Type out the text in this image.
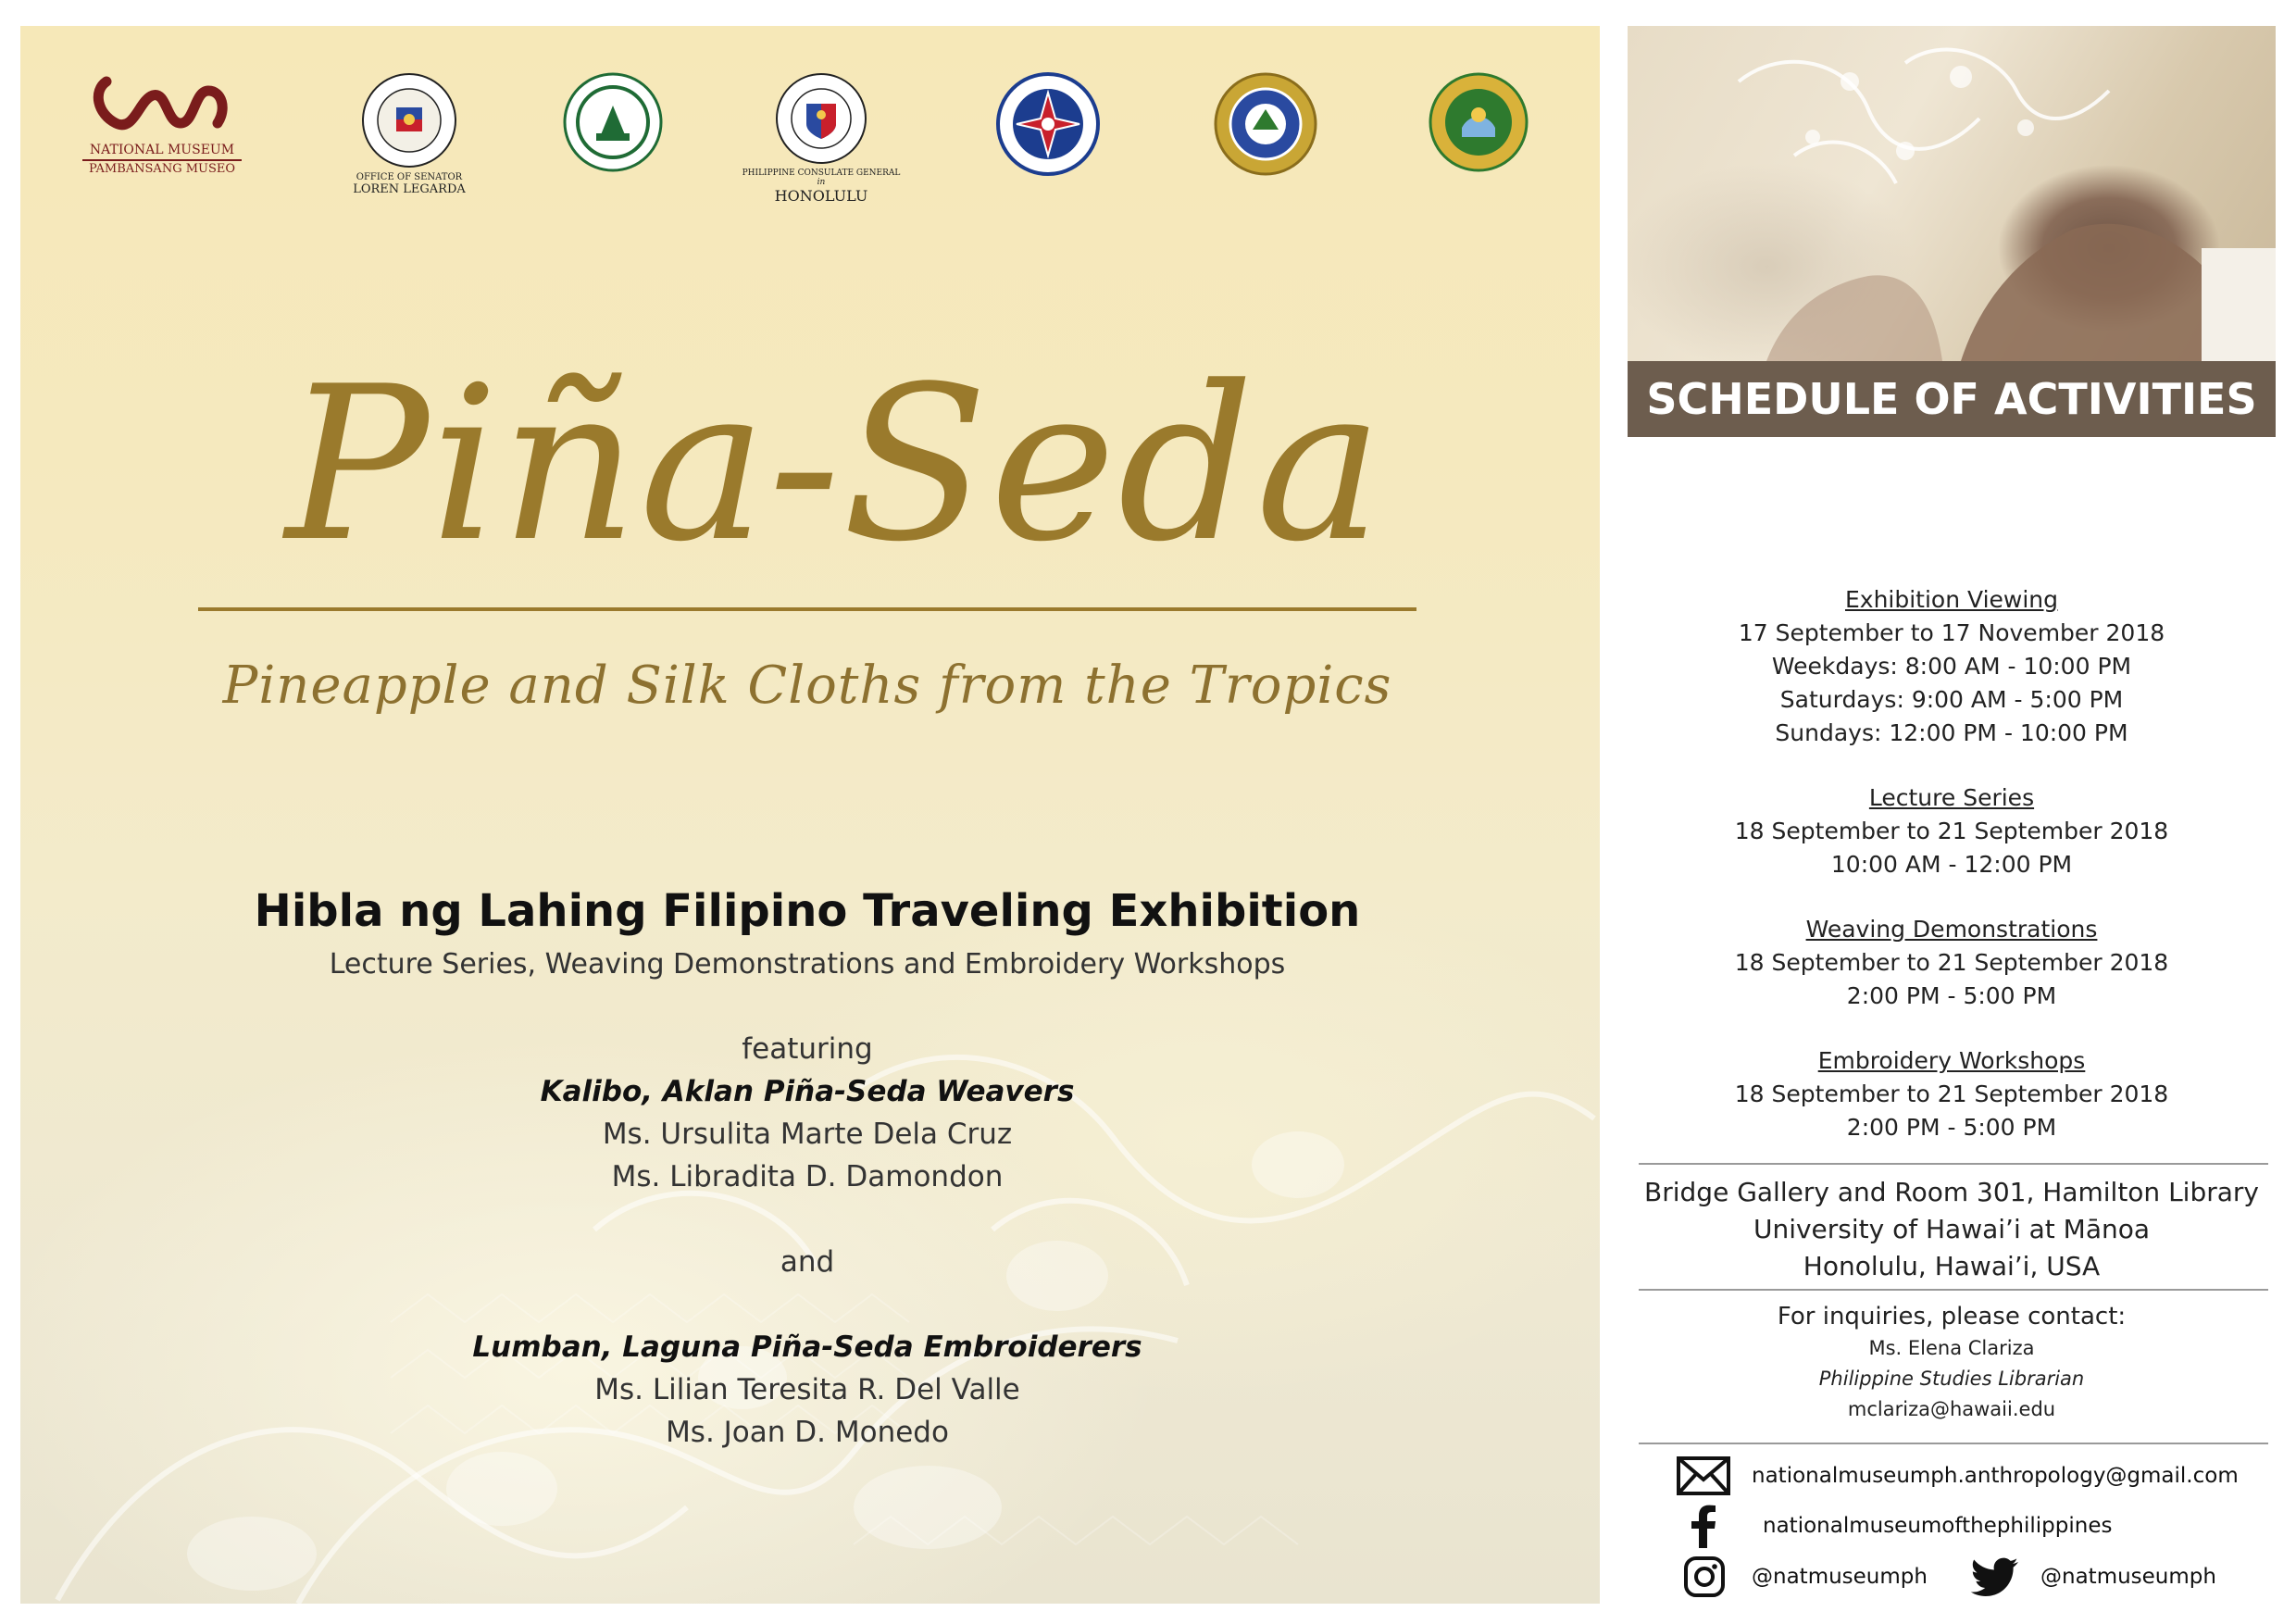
NATIONAL MUSEUM
PAMBANSANG MUSEO
OFFICE OF SENATOR
LOREN LEGARDA
PHILIPPINE CONSULATE GENERAL
in
HONOLULU
Piña-Seda
Pineapple and Silk Cloths from the Tropics
Hibla ng Lahing Filipino Traveling Exhibition
Lecture Series, Weaving Demonstrations and Embroidery Workshops
featuring
Kalibo, Aklan Piña-Seda Weavers
Ms. Ursulita Marte Dela Cruz
Ms. Libradita D. Damondon
and
Lumban, Laguna Piña-Seda Embroiderers
Ms. Lilian Teresita R. Del Valle
Ms. Joan D. Monedo
SCHEDULE OF ACTIVITIES
Exhibition Viewing
17 September to 17 November 2018
Weekdays: 8:00 AM - 10:00 PM
Saturdays: 9:00 AM - 5:00 PM
Sundays: 12:00 PM - 10:00 PM
Lecture Series
18 September to 21 September 2018
10:00 AM - 12:00 PM
Weaving Demonstrations
18 September to 21 September 2018
2:00 PM - 5:00 PM
Embroidery Workshops
18 September to 21 September 2018
2:00 PM - 5:00 PM
Bridge Gallery and Room 301, Hamilton Library
University of Hawai’i at Mānoa
Honolulu, Hawai’i, USA
For inquiries, please contact:
Ms. Elena Clariza
Philippine Studies Librarian
mclariza@hawaii.edu
nationalmuseumph.anthropology@gmail.com
nationalmuseumofthephilippines
@natmuseumph	@natmuseumph
